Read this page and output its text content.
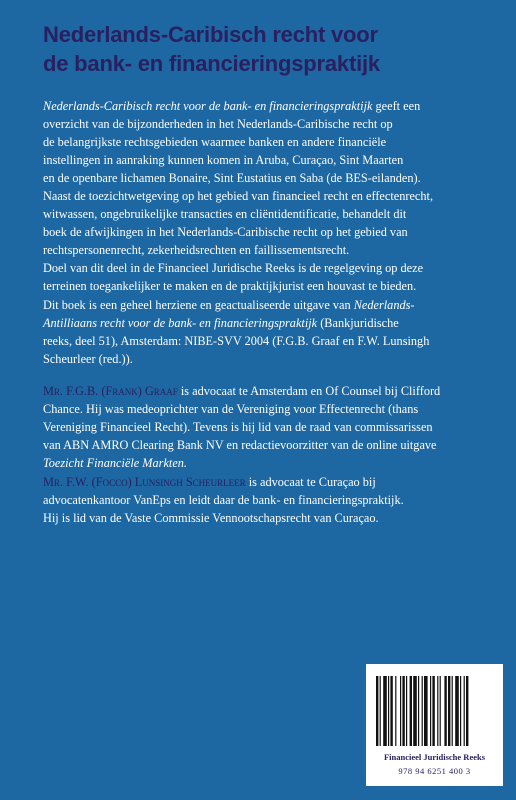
Nederlands-Caribisch recht voor
de bank- en financieringspraktijk
Nederlands-Caribisch recht voor de bank- en financieringspraktijk geeft een
overzicht van de bijzonderheden in het Nederlands-Caribische recht op
de belangrijkste rechtsgebieden waarmee banken en andere financiële
instellingen in aanraking kunnen komen in Aruba, Curaçao, Sint Maarten
en de openbare lichamen Bonaire, Sint Eustatius en Saba (de BES-eilanden).
Naast de toezichtwetgeving op het gebied van financieel recht en effectenrecht,
witwassen, ongebruikelijke transacties en cliëntidentificatie, behandelt dit
boek de afwijkingen in het Nederlands-Caribische recht op het gebied van
rechtspersonenrecht, zekerheidsrechten en faillissementsrecht.
Doel van dit deel in de Financieel Juridische Reeks is de regelgeving op deze
terreinen toegankelijker te maken en de praktijkjurist een houvast te bieden.
Dit boek is een geheel herziene en geactualiseerde uitgave van Nederlands-
Antilliaans recht voor de bank- en financieringspraktijk (Bankjuridische
reeks, deel 51), Amsterdam: NIBE-SVV 2004 (F.G.B. Graaf en F.W. Lunsingh
Scheurleer (red.)).
Mr. F.G.B. (Frank) Graaf is advocaat te Amsterdam en Of Counsel bij Clifford
Chance. Hij was medeoprichter van de Vereniging voor Effectenrecht (thans
Vereniging Financieel Recht). Tevens is hij lid van de raad van commissarissen
van ABN AMRO Clearing Bank NV en redactievoorzitter van de online uitgave
Toezicht Financiële Markten.
Mr. F.W. (Focco) Lunsingh Scheurleer is advocaat te Curaçao bij
advocatenkantoor VanEps en leidt daar de bank- en financieringspraktijk.
Hij is lid van de Vaste Commissie Vennootschapsrecht van Curaçao.
Financieel Juridische Reeks
978 94 6251 400 3
